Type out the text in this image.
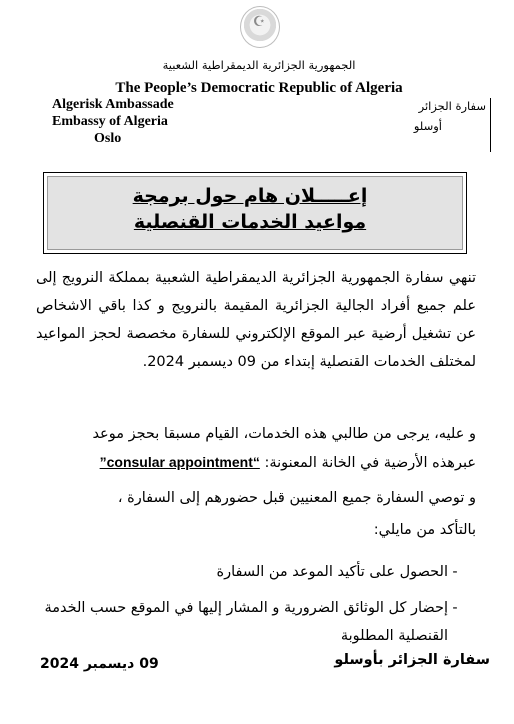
☪
الجمهورية الجزائرية الديمقراطية الشعبية
The People’s Democratic Republic of Algeria
Algerisk Ambassade
Embassy of Algeria
Oslo
سفارة الجزائر
أوسلو
إعـــــلان هام حول برمجة
مواعيد الخدمات القنصلية
تنهي سفارة الجمهورية الجزائرية الديمقراطية الشعبية بمملكة النرويج إلى علم جميع أفراد الجالية الجزائرية المقيمة بالنرويج و كذا باقي الاشخاص عن تشغيل أرضية عبر الموقع الإلكتروني للسفارة مخصصة لحجز المواعيد لمختلف الخدمات القنصلية إبتداء من 09 ديسمبر 2024.
و عليه، يرجى من طالبي هذه الخدمات، القيام مسبقا بحجز موعد
عبرهذه الأرضية في الخانة المعنونة: ”consular appointment“
و توصي السفارة جميع المعنيين قبل حضورهم إلى السفارة ،
بالتأكد من مايلي:
-
الحصول على تأكيد الموعد من السفارة
-
إحضار كل الوثائق الضرورية و المشار إليها في الموقع حسب الخدمة القنصلية المطلوبة
سفارة الجزائر بأوسلو
09 ديسمبر 2024
